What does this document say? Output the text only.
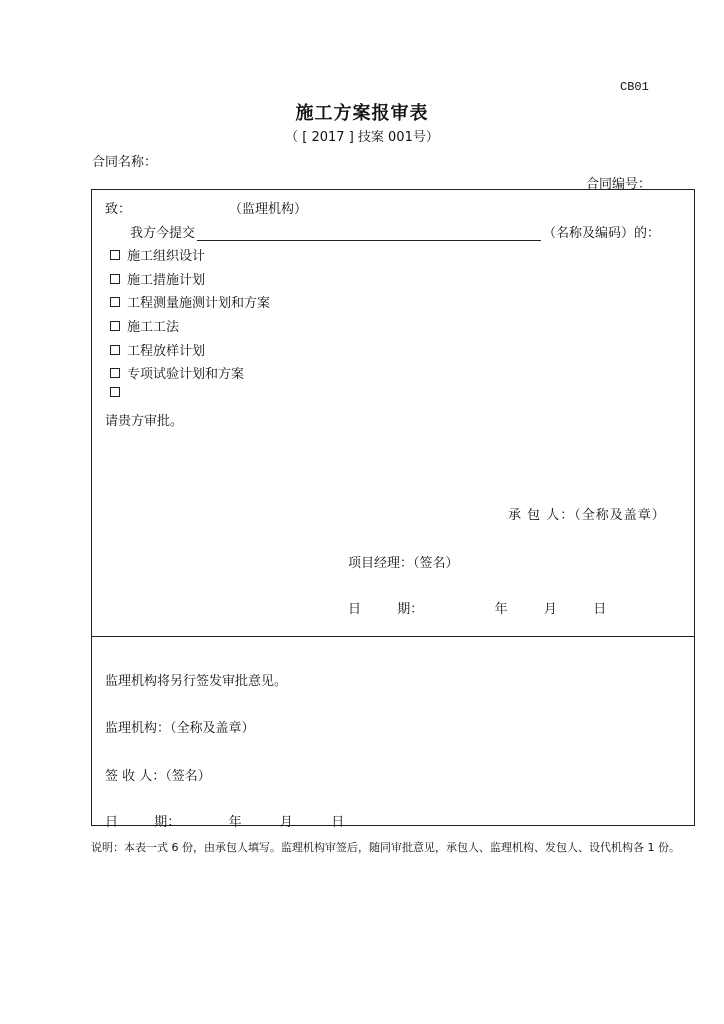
CB01
施工方案报审表
（ [ 2017 ] 技案 001号）
合同名称：
合同编号：
致：	（监理机构）
我方今提交	（名称及编码）的：
施工组织设计
施工措施计划
工程测量施测计划和方案
施工工法
工程放样计划
专项试验计划和方案
请贵方审批。
承 包 人：（全称及盖章）
项目经理：（签名）
日	期：	年	月	日
监理机构将另行签发审批意见。
监理机构：（全称及盖章）
签 收 人：（签名）
日	期：	年	月	日
说明：本表一式 6 份，由承包人填写。监理机构审签后，随同审批意见，承包人、监理机构、发包人、设代机构各 1 份。
